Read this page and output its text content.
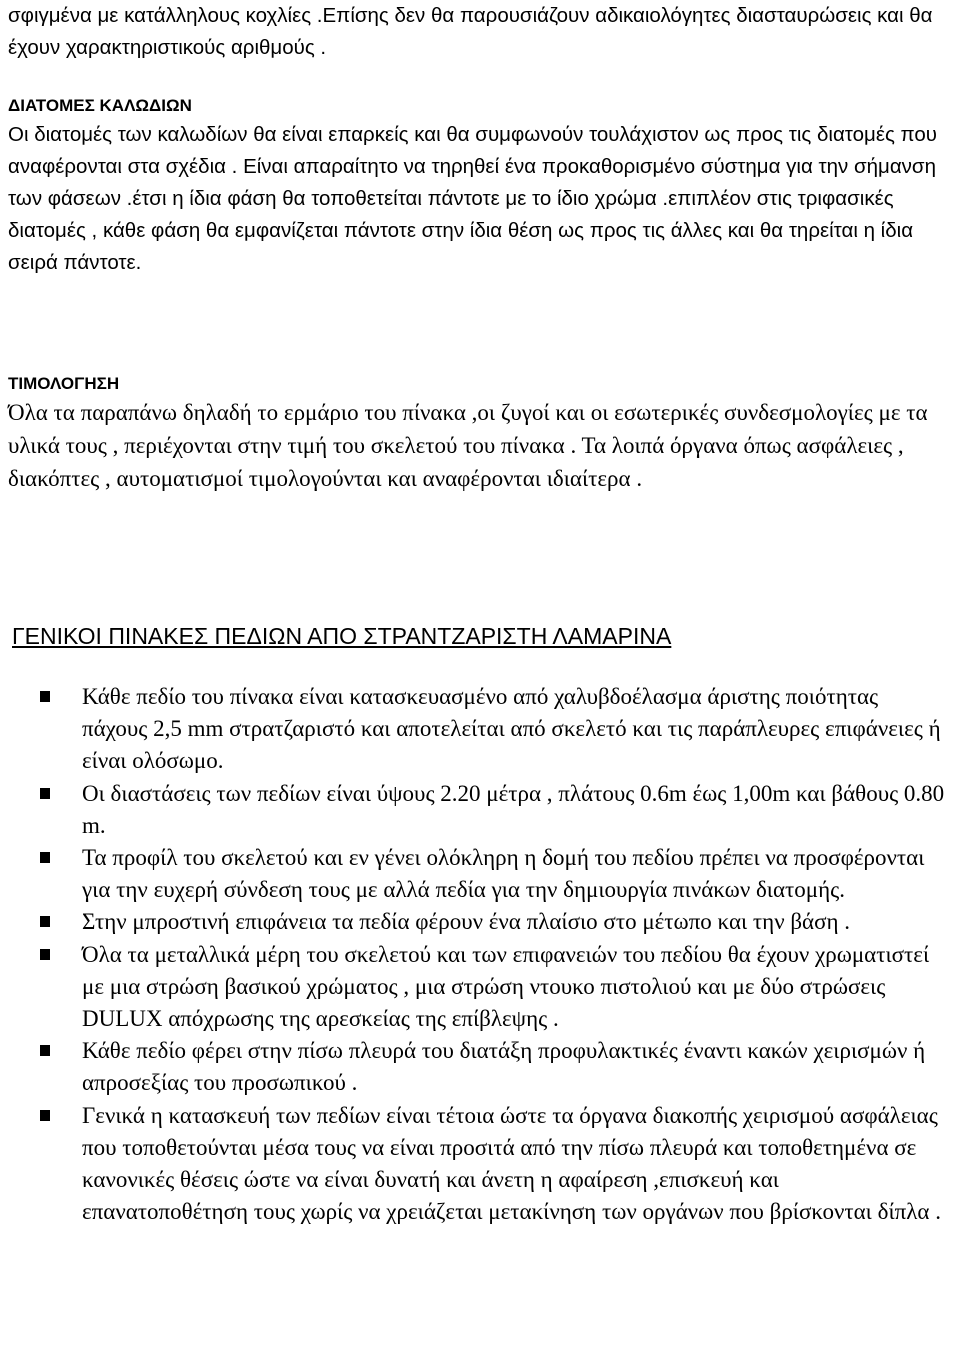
σφιγμένα με κατάλληλους κοχλίες .Επίσης δεν θα παρουσιάζουν αδικαιολόγητες διασταυρώσεις και θα έχουν χαρακτηριστικούς αριθμούς .

ΔΙΑΤΟΜΕΣ ΚΑΛΩΔΙΩΝ

Οι διατομές των καλωδίων θα είναι επαρκείς και θα συμφωνούν τουλάχιστον ως προς τις διατομές που αναφέρονται στα σχέδια . Είναι απαραίτητο να τηρηθεί ένα προκαθορισμένο σύστημα για την σήμανση των φάσεων .έτσι η ίδια φάση θα τοποθετείται πάντοτε με το ίδιο χρώμα .επιπλέον στις τριφασικές διατομές , κάθε φάση θα εμφανίζεται πάντοτε στην ίδια θέση ως προς τις άλλες και θα τηρείται η ίδια σειρά πάντοτε.

ΤΙΜΟΛΟΓΗΣΗ

Όλα τα παραπάνω δηλαδή το ερμάριο του πίνακα ,οι ζυγοί και οι εσωτερικές συνδεσμολογίες με τα υλικά τους , περιέχονται στην τιμή του σκελετού του πίνακα . Τα λοιπά όργανα όπως ασφάλειες , διακόπτες , αυτοματισμοί τιμολογούνται και αναφέρονται ιδιαίτερα .

ΓΕΝΙΚΟΙ ΠΙΝΑΚΕΣ ΠΕΔΙΩΝ ΑΠΟ ΣΤΡΑΝΤΖΑΡΙΣΤΗ ΛΑΜΑΡΙΝΑ
Κάθε πεδίο του πίνακα είναι κατασκευασμένο από χαλυβδοέλασμα άριστης ποιότητας πάχους 2,5 mm στρατζαριστό και αποτελείται από σκελετό και τις παράπλευρες επιφάνειες ή είναι ολόσωμο.
Οι διαστάσεις των πεδίων είναι ύψους 2.20 μέτρα , πλάτους 0.6m έως 1,00m και βάθους 0.80 m.
Τα προφίλ του σκελετού και εν γένει ολόκληρη η δομή του πεδίου πρέπει να προσφέρονται για την ευχερή σύνδεση τους με αλλά πεδία για την δημιουργία πινάκων διατομής.
Στην μπροστινή επιφάνεια τα πεδία φέρουν ένα πλαίσιο στο μέτωπο και την βάση .
Όλα τα μεταλλικά μέρη του σκελετού και των επιφανειών του πεδίου θα έχουν χρωματιστεί με μια στρώση βασικού χρώματος , μια στρώση ντουκο πιστολιού και με δύο στρώσεις DULUX απόχρωσης της αρεσκείας της επίβλεψης .
Κάθε πεδίο φέρει στην πίσω πλευρά του διατάξη προφυλακτικές έναντι κακών χειρισμών ή απροσεξίας του προσωπικού .
Γενικά η κατασκευή των πεδίων είναι τέτοια ώστε τα όργανα διακοπής χειρισμού ασφάλειας που τοποθετούνται μέσα τους να είναι προσιτά από την πίσω πλευρά και τοποθετημένα σε κανονικές θέσεις ώστε να είναι δυνατή και άνετη η αφαίρεση ,επισκευή και επανατοποθέτηση τους χωρίς να χρειάζεται μετακίνηση των οργάνων που βρίσκονται δίπλα .
